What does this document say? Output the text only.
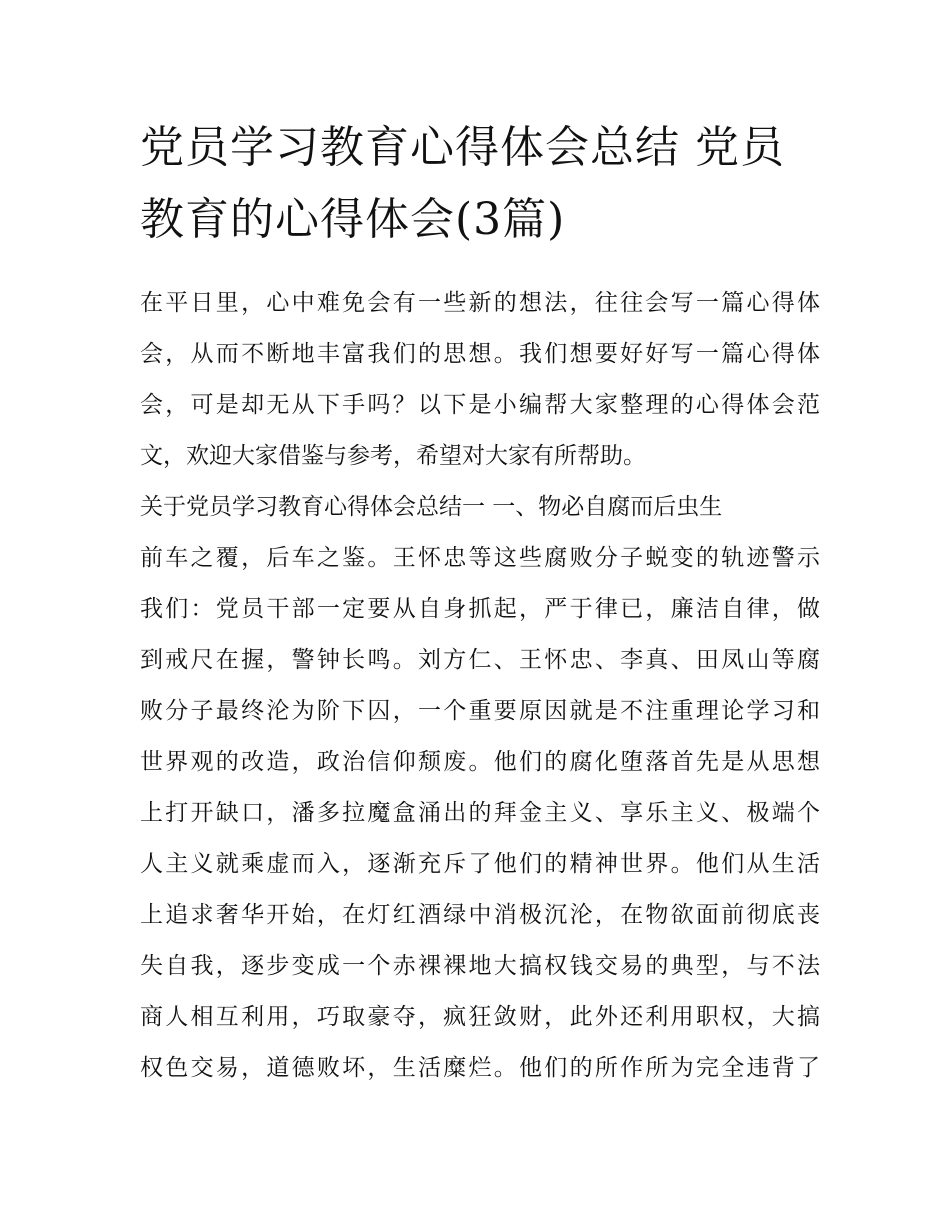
党员学习教育心得体会总结 党员教育的心得体会(3篇)

在平日里，心中难免会有一些新的想法，往往会写一篇心得体
会，从而不断地丰富我们的思想。我们想要好好写一篇心得体
会，可是却无从下手吗？以下是小编帮大家整理的心得体会范
文，欢迎大家借鉴与参考，希望对大家有所帮助。

关于党员学习教育心得体会总结一 一、物必自腐而后虫生

前车之覆，后车之鉴。王怀忠等这些腐败分子蜕变的轨迹警示
我们：党员干部一定要从自身抓起，严于律已，廉洁自律，做
到戒尺在握，警钟长鸣。刘方仁、王怀忠、李真、田凤山等腐
败分子最终沦为阶下囚，一个重要原因就是不注重理论学习和
世界观的改造，政治信仰颓废。他们的腐化堕落首先是从思想
上打开缺口，潘多拉魔盒涌出的拜金主义、享乐主义、极端个
人主义就乘虚而入，逐渐充斥了他们的精神世界。他们从生活
上追求奢华开始，在灯红酒绿中消极沉沦，在物欲面前彻底丧
失自我，逐步变成一个赤裸裸地大搞权钱交易的典型，与不法
商人相互利用，巧取豪夺，疯狂敛财，此外还利用职权，大搞
权色交易，道德败坏，生活糜烂。他们的所作所为完全违背了
